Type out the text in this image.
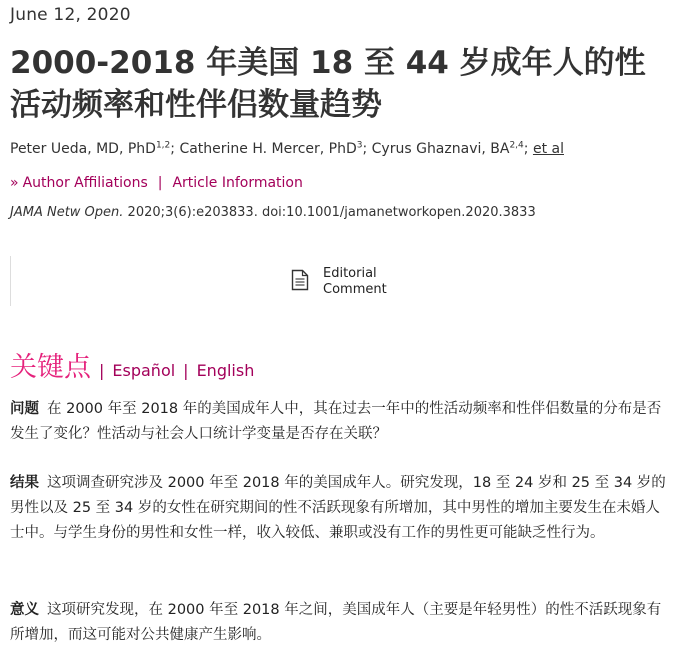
June 12, 2020
2000-2018 年美国 18 至 44 岁成年人的性活动频率和性伴侣数量趋势
Peter Ueda, MD, PhD$^{1,2}$; Catherine H. Mercer, PhD$^3$; Cyrus Ghaznavi, BA$^{2,4}$; et al
» Author Affiliations | Article Information
JAMA Netw Open. 2020;3(6):e203833. doi:10.1001/jamanetworkopen.2020.3833
Editorial
Comment
关键点 | Español | English

问题 在 2000 年至 2018 年的美国成年人中，其在过去一年中的性活动频率和性伴侣数量的分布是否发生了变化？性活动与社会人口统计学变量是否存在关联？

结果 这项调查研究涉及 2000 年至 2018 年的美国成年人。研究发现，18 至 24 岁和 25 至 34 岁的男性以及 25 至 34 岁的女性在研究期间的性不活跃现象有所增加，其中男性的增加主要发生在未婚人士中。与学生身份的男性和女性一样，收入较低、兼职或没有工作的男性更可能缺乏性行为。

意义 这项研究发现，在 2000 年至 2018 年之间，美国成年人（主要是年轻男性）的性不活跃现象有所增加，而这可能对公共健康产生影响。
